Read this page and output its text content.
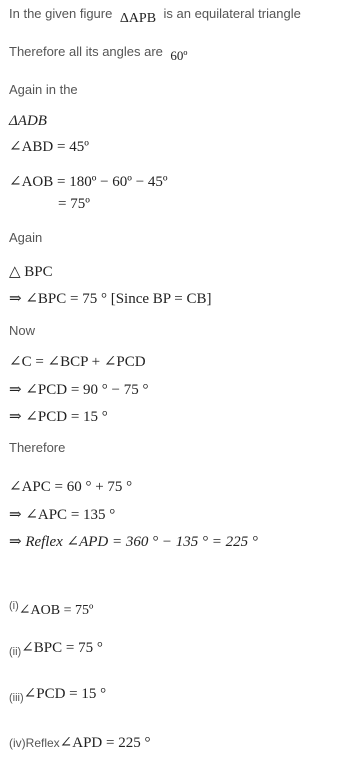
In the given figure ΔAPB is an equilateral triangle
Therefore all its angles are $_{60º}$
Again in the
ΔADB
∠ABD = 45º
∠AOB = 180º − 60º − 45º
= 75º
Again
△ BPC
⇒ ∠BPC = 75 ° [Since BP = CB]
Now
∠C = ∠BCP + ∠PCD
⇒ ∠PCD = 90 ° − 75 °
⇒ ∠PCD = 15 °
Therefore
∠APC = 60 ° + 75 °
⇒ ∠APC = 135 °
⇒ Reflex ∠APD = 360 ° − 135 ° = 225 °
$^{(i)}$∠AOB = 75º
(ii)∠BPC = 75 °
(iii)∠PCD = 15 °
(iv)Reflex∠APD = 225 °
